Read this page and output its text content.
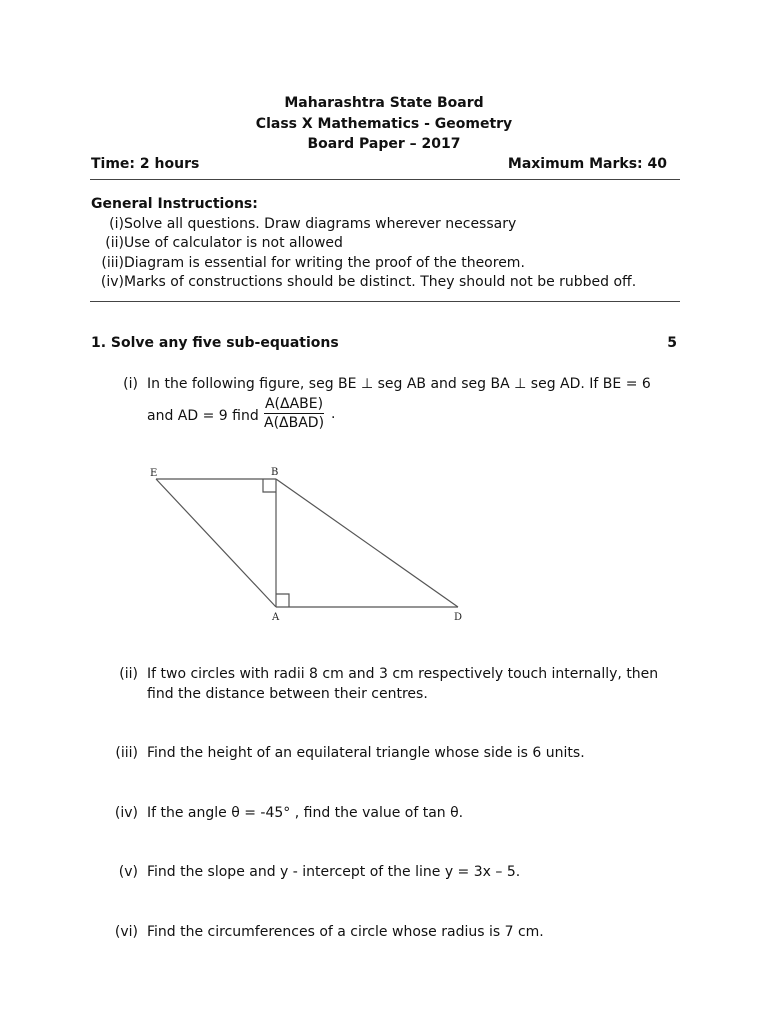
Maharashtra State Board
Class X Mathematics - Geometry
Board Paper – 2017
Time: 2 hours	Maximum Marks: 40
General Instructions:
(i) Solve all questions. Draw diagrams wherever necessary
(ii) Use of calculator is not allowed
(iii) Diagram is essential for writing the proof of the theorem.
(iv) Marks of constructions should be distinct. They should not be rubbed off.
1. Solve any five sub-equations	5
(i) In the following figure, seg BE ⊥ seg AB and seg BA ⊥ seg AD. If BE = 6
and AD = 9 find
A(ΔABE)
A(ΔBAD)
.
E	B
A	D
(ii) If two circles with radii 8 cm and 3 cm respectively touch internally, then
find the distance between their centres.
(iii) Find the height of an equilateral triangle whose side is 6 units.
(iv) If the angle θ = -45° , find the value of tan θ.
(v) Find the slope and y - intercept of the line y = 3x – 5.
(vi) Find the circumferences of a circle whose radius is 7 cm.
